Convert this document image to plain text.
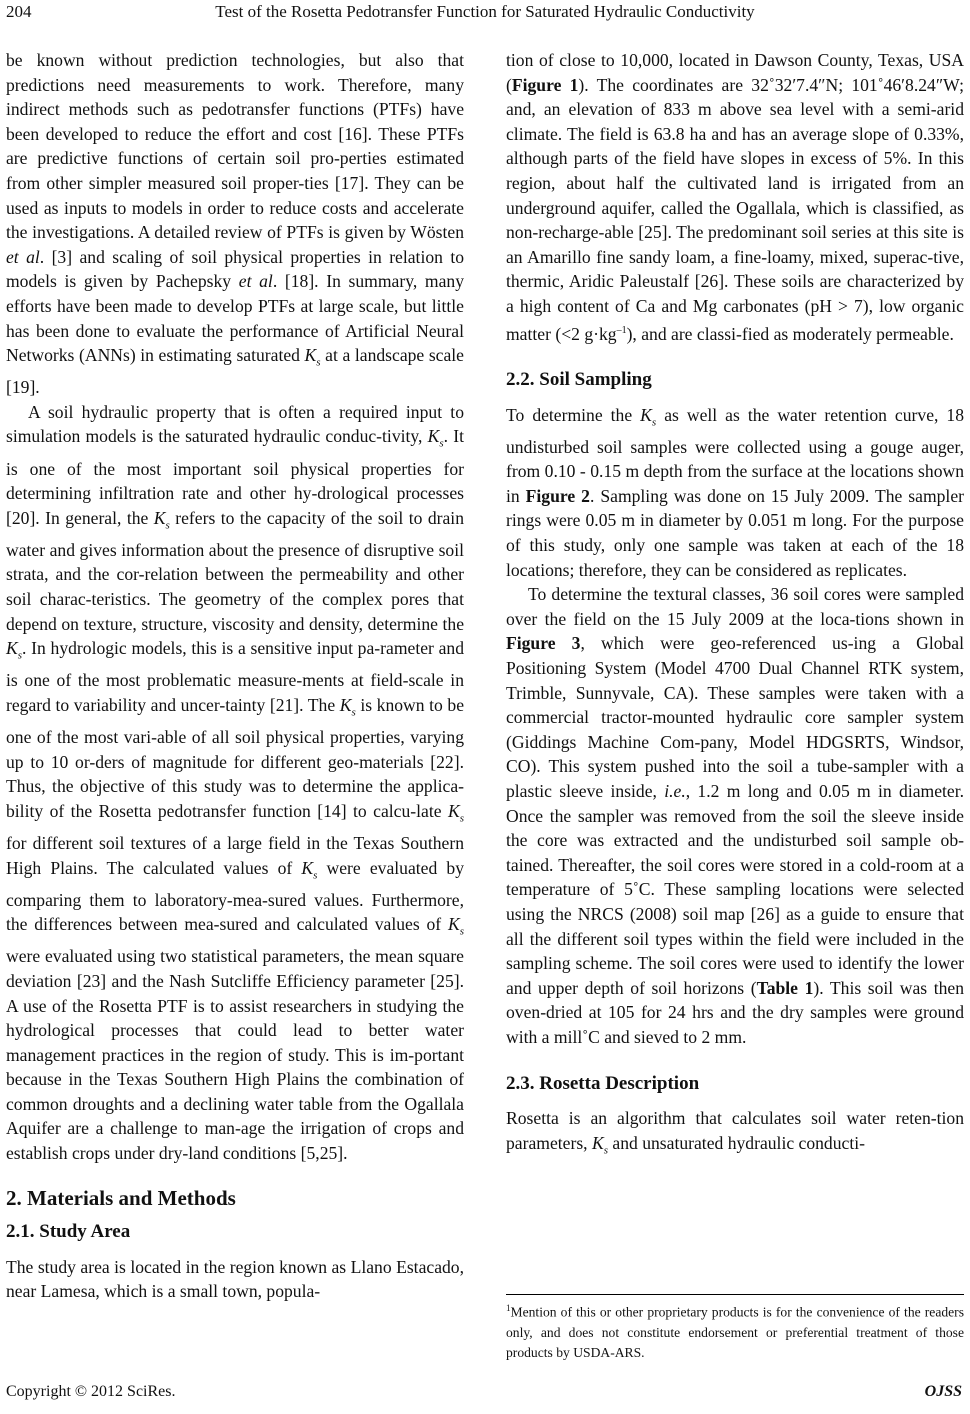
204	Test of the Rosetta Pedotransfer Function for Saturated Hydraulic Conductivity

be known without prediction technologies, but also that predictions need measurements to work. Therefore, many indirect methods such as pedotransfer functions (PTFs) have been developed to reduce the effort and cost [16]. These PTFs are predictive functions of certain soil pro-perties estimated from other simpler measured soil proper-ties [17]. They can be used as inputs to models in order to reduce costs and accelerate the investigations. A detailed review of PTFs is given by Wösten et al. [3] and scaling of soil physical properties in relation to models is given by Pachepsky et al. [18]. In summary, many efforts have been made to develop PTFs at large scale, but little has been done to evaluate the performance of Artificial Neural Networks (ANNs) in estimating saturated $K_s$ at a landscape scale [19].

A soil hydraulic property that is often a required input to simulation models is the saturated hydraulic conduc-tivity, $K_s$. It is one of the most important soil physical properties for determining infiltration rate and other hy-drological processes [20]. In general, the $K_s$ refers to the capacity of the soil to drain water and gives information about the presence of disruptive soil strata, and the cor-relation between the permeability and other soil charac-teristics. The geometry of the complex pores that depend on texture, structure, viscosity and density, determine the $K_s$. In hydrologic models, this is a sensitive input pa-rameter and is one of the most problematic measure-ments at field-scale in regard to variability and uncer-tainty [21]. The $K_s$ is known to be one of the most vari-able of all soil physical properties, varying up to 10 or-ders of magnitude for different geo-materials [22]. Thus, the objective of this study was to determine the applica-bility of the Rosetta pedotransfer function [14] to calcu-late $K_s$ for different soil textures of a large field in the Texas Southern High Plains. The calculated values of $K_s$ were evaluated by comparing them to laboratory-mea-sured values. Furthermore, the differences between mea-sured and calculated values of $K_s$ were evaluated using two statistical parameters, the mean square deviation [23] and the Nash Sutcliffe Efficiency parameter [25]. A use of the Rosetta PTF is to assist researchers in studying the hydrological processes that could lead to better water management practices in the region of study. This is im-portant because in the Texas Southern High Plains the combination of common droughts and a declining water table from the Ogallala Aquifer are a challenge to man-age the irrigation of crops and establish crops under dry-land conditions [5,25].

2. Materials and Methods
2.1. Study Area

The study area is located in the region known as Llano Estacado, near Lamesa, which is a small town, popula-

tion of close to 10,000, located in Dawson County, Texas, USA (Figure 1). The coordinates are 32˚32′7.4″N; 101˚46′8.24″W; and, an elevation of 833 m above sea level with a semi-arid climate. The field is 63.8 ha and has an average slope of 0.33%, although parts of the field have slopes in excess of 5%. In this region, about half the cultivated land is irrigated from an underground aquifer, called the Ogallala, which is classified, as non-recharge-able [25]. The predominant soil series at this site is an Amarillo fine sandy loam, a fine-loamy, mixed, superac-tive, thermic, Aridic Paleustalf [26]. These soils are characterized by a high content of Ca and Mg carbonates (pH > 7), low organic matter (<2 $g\cdot kg^{-1}$), and are classi-fied as moderately permeable.

2.2. Soil Sampling

To determine the $K_s$ as well as the water retention curve, 18 undisturbed soil samples were collected using a gouge auger, from 0.10 - 0.15 m depth from the surface at the locations shown in Figure 2. Sampling was done on 15 July 2009. The sampler rings were 0.05 m in diameter by 0.051 m long. For the purpose of this study, only one sample was taken at each of the 18 locations; therefore, they can be considered as replicates.

To determine the textural classes, 36 soil cores were sampled over the field on the 15 July 2009 at the loca-tions shown in Figure 3, which were geo-referenced us-ing a Global Positioning System (Model 4700 Dual Channel RTK system, Trimble, Sunnyvale, CA). These samples were taken with a commercial tractor-mounted hydraulic core sampler system (Giddings Machine Com-pany, Model HDGSRTS, Windsor, CO). This system pushed into the soil a tube-sampler with a plastic sleeve inside, i.e., 1.2 m long and 0.05 m in diameter. Once the sampler was removed from the soil the sleeve inside the core was extracted and the undisturbed soil sample ob-tained. Thereafter, the soil cores were stored in a cold-room at a temperature of 5˚C. These sampling locations were selected using the NRCS (2008) soil map [26] as a guide to ensure that all the different soil types within the field were included in the sampling scheme. The soil cores were used to identify the lower and upper depth of soil horizons (Table 1). This soil was then oven-dried at 105 for 24 hrs and the dry samples were ground with a mill˚C and sieved to 2 mm.

2.3. Rosetta Description

Rosetta is an algorithm that calculates soil water reten-tion parameters, $K_s$ and unsaturated hydraulic conducti-

$^1$Mention of this or other proprietary products is for the convenience of the readers only, and does not constitute endorsement or preferential treatment of those products by USDA-ARS.
Copyright © 2012 SciRes.	OJSS
